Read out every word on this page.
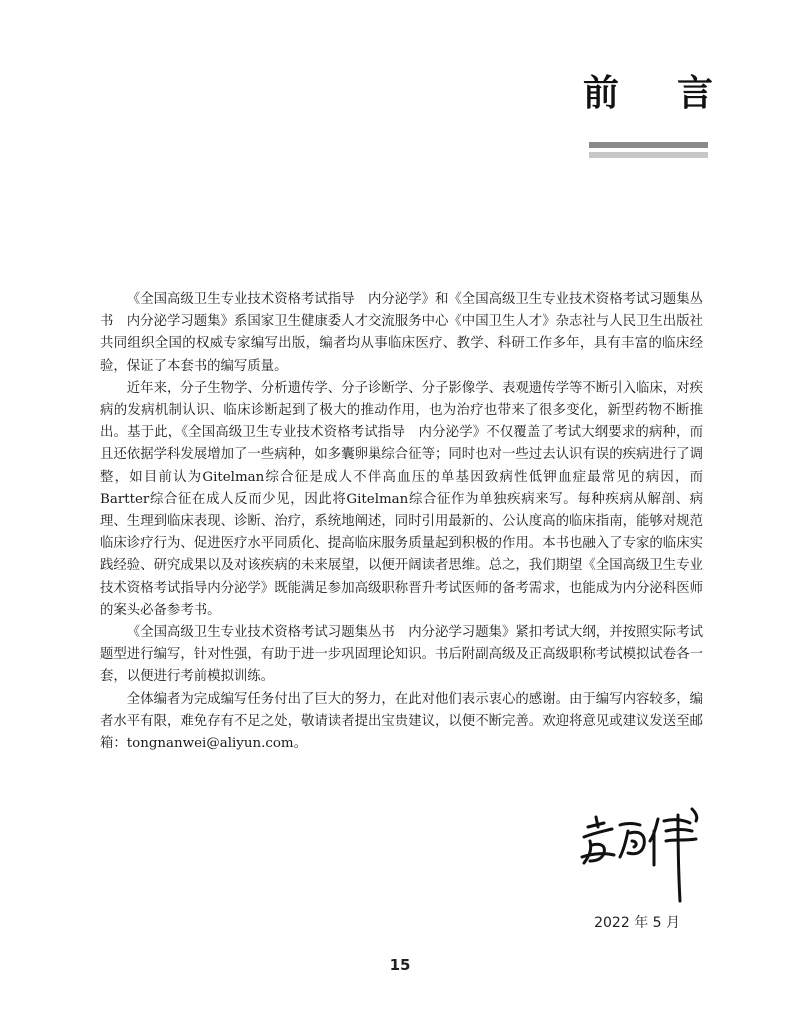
前 言

《全国高级卫生专业技术资格考试指导　内分泌学》和《全国高级卫生专业技术资格考试习题集丛书　内分泌学习题集》系国家卫生健康委人才交流服务中心《中国卫生人才》杂志社与人民卫生出版社共同组织全国的权威专家编写出版，编者均从事临床医疗、教学、科研工作多年，具有丰富的临床经验，保证了本套书的编写质量。

近年来，分子生物学、分析遗传学、分子诊断学、分子影像学、表观遗传学等不断引入临床，对疾病的发病机制认识、临床诊断起到了极大的推动作用，也为治疗也带来了很多变化，新型药物不断推出。基于此，《全国高级卫生专业技术资格考试指导　内分泌学》不仅覆盖了考试大纲要求的病种，而且还依据学科发展增加了一些病种，如多囊卵巢综合征等；同时也对一些过去认识有误的疾病进行了调整，如目前认为Gitelman综合征是成人不伴高血压的单基因致病性低钾血症最常见的病因，而Bartter综合征在成人反而少见，因此将Gitelman综合征作为单独疾病来写。每种疾病从解剖、病理、生理到临床表现、诊断、治疗，系统地阐述，同时引用最新的、公认度高的临床指南，能够对规范临床诊疗行为、促进医疗水平同质化、提高临床服务质量起到积极的作用。本书也融入了专家的临床实践经验、研究成果以及对该疾病的未来展望，以便开阔读者思维。总之，我们期望《全国高级卫生专业技术资格考试指导内分泌学》既能满足参加高级职称晋升考试医师的备考需求，也能成为内分泌科医师的案头必备参考书。

《全国高级卫生专业技术资格考试习题集丛书　内分泌学习题集》紧扣考试大纲，并按照实际考试题型进行编写，针对性强，有助于进一步巩固理论知识。书后附副高级及正高级职称考试模拟试卷各一套，以便进行考前模拟训练。

全体编者为完成编写任务付出了巨大的努力，在此对他们表示衷心的感谢。由于编写内容较多，编者水平有限，难免存有不足之处，敬请读者提出宝贵建议，以便不断完善。欢迎将意见或建议发送至邮箱：tongnanwei@aliyun.com。

2022 年 5 月
15
